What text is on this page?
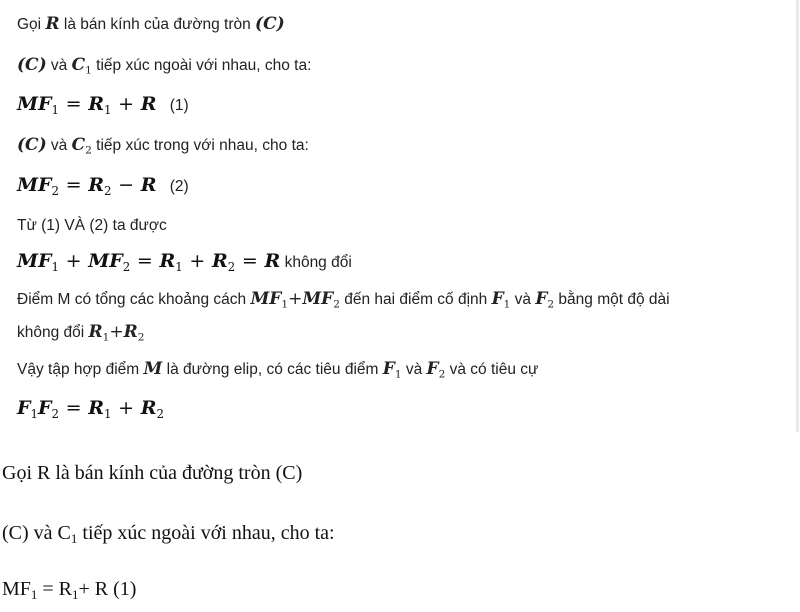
Gọi R là bán kính của đường tròn (C)
(C) và $C_1$ tiếp xúc ngoài với nhau, cho ta:
$MF_1 = R_1 + R$ (1)
(C) và $C_2$ tiếp xúc trong với nhau, cho ta:
$MF_2 = R_2 - R$ (2)
Từ (1) VÀ (2) ta được
$MF_1 + MF_2 = R_1 + R_2 = R$ không đổi
Điểm M có tổng các khoảng cách $MF_1+MF_2$ đến hai điểm cố định $F_1$ và $F_2$ bằng một độ dài
không đổi $R_1+R_2$
Vậy tập hợp điểm M là đường elip, có các tiêu điểm $F_1$ và $F_2$ và có tiêu cự
$F_1F_2 = R_1 + R_2$
Gọi R là bán kính của đường tròn (C)
(C) và $C_1$ tiếp xúc ngoài với nhau, cho ta:
$MF_1 = R_1+ R$ (1)
